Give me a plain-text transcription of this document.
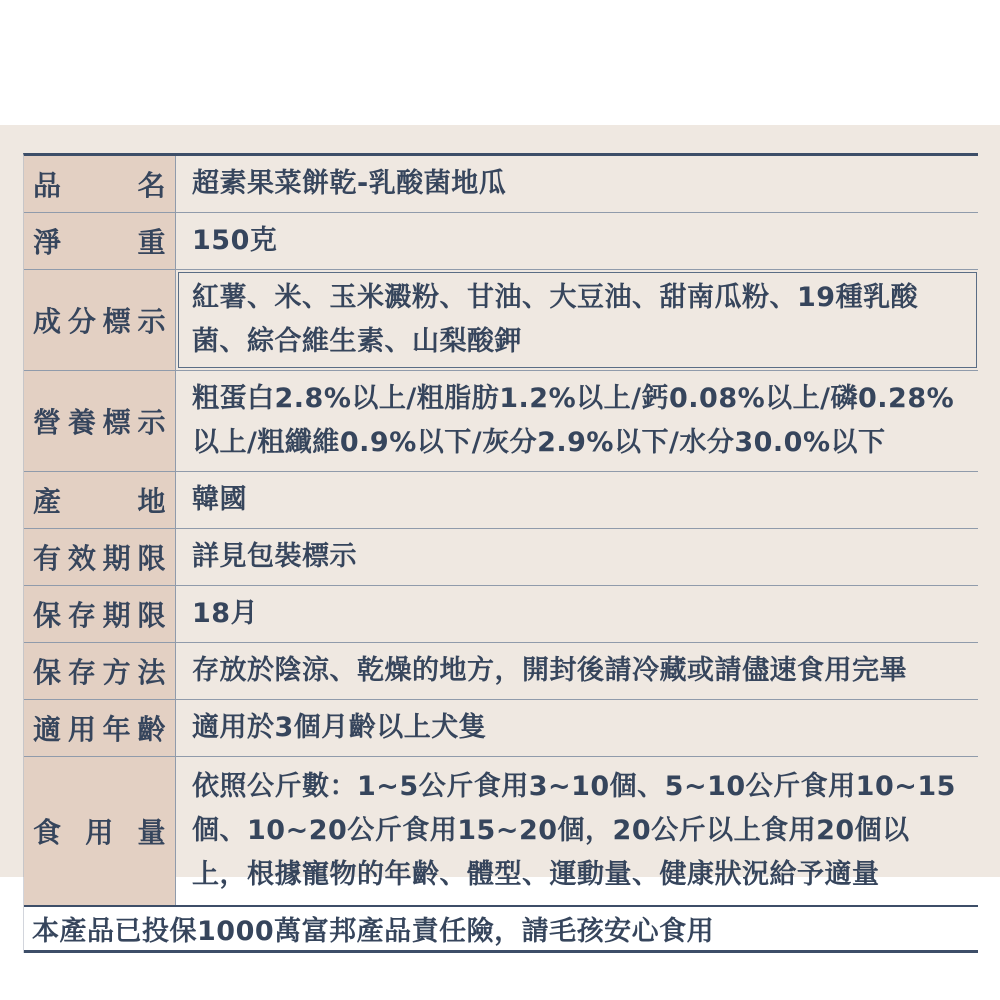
品名 超素果菜餅乾-乳酸菌地瓜
淨重 150克
成分標示
紅薯、米、玉米澱粉、甘油、大豆油、甜南瓜粉、19種乳酸菌、綜合維生素、山梨酸鉀
營養標示
粗蛋白2.8%以上/粗脂肪1.2%以上/鈣0.08%以上/磷0.28%以上/粗纖維0.9%以下/灰分2.9%以下/水分30.0%以下
產地 韓國
有效期限 詳見包裝標示
保存期限 18月
保存方法 存放於陰涼、乾燥的地方，開封後請冷藏或請儘速食用完畢
適用年齡 適用於3個月齡以上犬隻
食用量
依照公斤數：1~5公斤食用3~10個、5~10公斤食用10~15個、10~20公斤食用15~20個，20公斤以上食用20個以上，根據寵物的年齡、體型、運動量、健康狀況給予適量
本產品已投保1000萬富邦產品責任險，請毛孩安心食用
